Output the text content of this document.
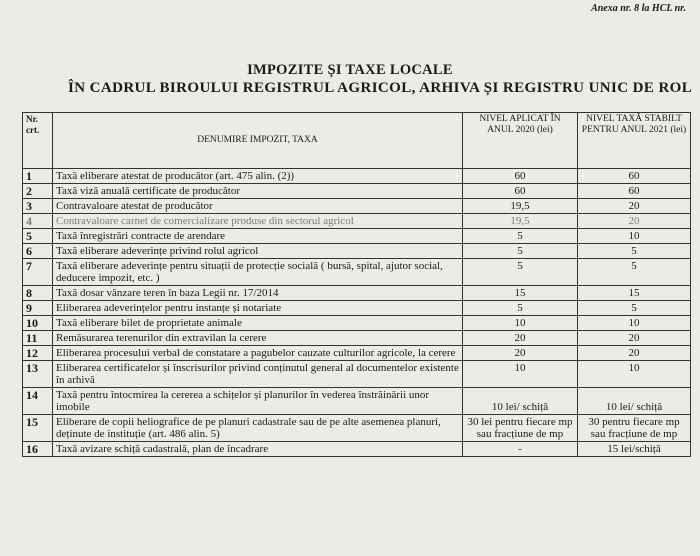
Anexa nr. 8 la HCL nr.
IMPOZITE ȘI TAXE LOCALE
ÎN CADRUL BIROULUI REGISTRUL AGRICOL, ARHIVA ȘI REGISTRU UNIC DE ROL
Nr. crt.	DENUMIRE IMPOZIT, TAXA	NIVEL APLICAT ÎN ANUL 2020 (lei)	NIVEL TAXĂ STABILT PENTRU ANUL 2021 (lei)
1	Taxă eliberare atestat de producător (art. 475 alin. (2))	60	60
2	Taxă viză anuală certificate de producător	60	60
3	Contravaloare atestat de producător	19,5	20
4	Contravaloare carnet de comercializare produse din sectorul agricol	19,5	20
5	Taxă înregistrări contracte de arendare	5	10
6	Taxă eliberare adeverințe privind rolul agricol	5	5
7	Taxă eliberare adeverințe pentru situații de protecție socială ( bursă, spital, ajutor social, deducere impozit, etc. )	5	5
8	Taxă dosar vânzare teren în baza Legii nr. 17/2014	15	15
9	Eliberarea adeverințelor pentru instanțe și notariate	5	5
10	Taxă eliberare bilet de proprietate animale	10	10
11	Remăsurarea terenurilor din extravilan la cerere	20	20
12	Eliberarea procesului verbal de constatare a pagubelor cauzate culturilor agricole, la cerere	20	20
13	Eliberarea certificatelor și înscrisurilor privind conținutul general al documentelor existente în arhivă	10	10
14	Taxă pentru întocmirea la cererea a schițelor și planurilor în vederea înstrăinării unor imobile	10 lei/ schiță	10 lei/ schiță
15	Eliberare de copii heliografice de pe planuri cadastrale sau de pe alte asemenea planuri, deținute de instituție (art. 486 alin. 5)	30 lei pentru fiecare mp sau fracțiune de mp	30 pentru fiecare mp sau fracțiune de mp
16	Taxă avizare schiță cadastrală, plan de încadrare	-	15 lei/schiță
